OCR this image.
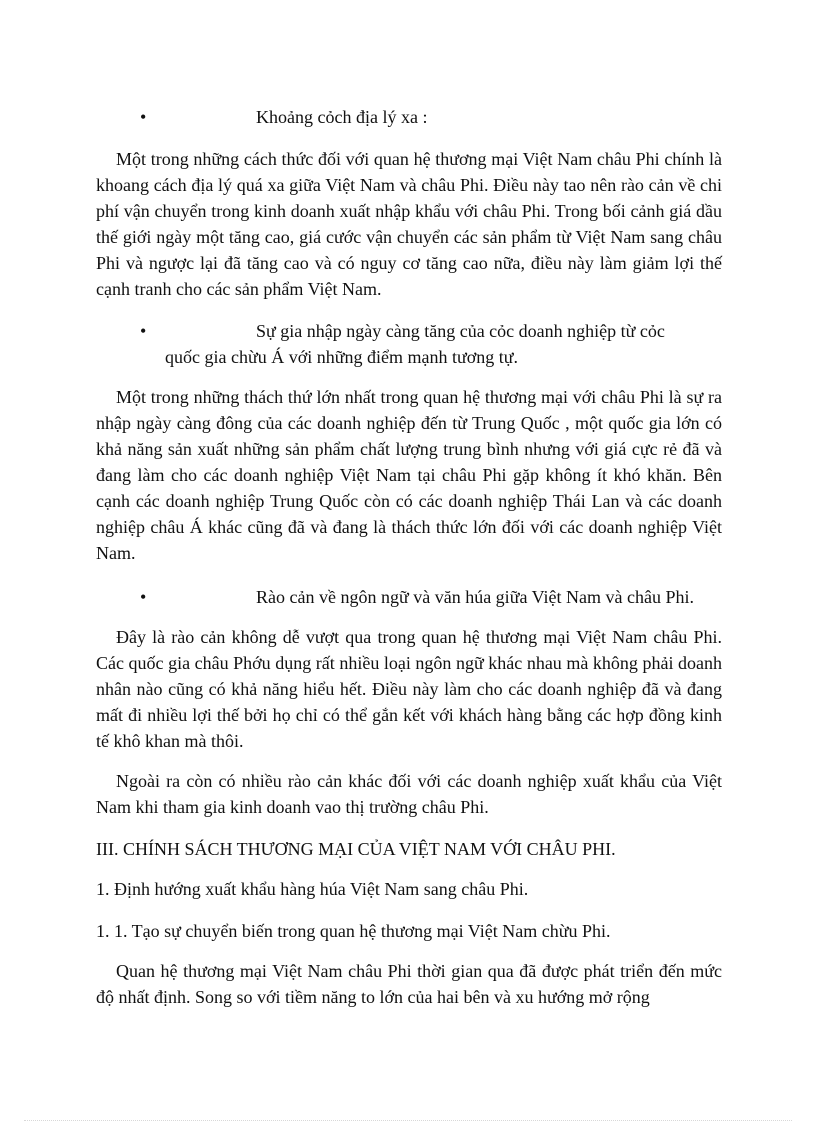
•	Khoảng cỏch địa lý xa :

Một trong những cách thức đối với quan hệ thương mại Việt Nam châu Phi chính là khoang cách địa lý quá xa giữa Việt Nam và châu Phi. Điều này tao nên rào cản về chi phí vận chuyển trong kinh doanh xuất nhập khẩu với châu Phi. Trong bối cảnh giá dầu thế giới ngày một tăng cao, giá cước vận chuyển các sản phẩm từ Việt Nam sang châu Phi và ngược lại đã tăng cao và có nguy cơ tăng cao nữa, điều này làm giảm lợi thế cạnh tranh cho các sản phẩm Việt Nam.

•	Sự gia nhập ngày càng tăng của cỏc doanh nghiệp từ cỏc
quốc gia chừu Á với những điểm mạnh tương tự.

Một trong những thách thứ lớn nhất trong quan hệ thương mại với châu Phi là sự ra nhập ngày càng đông của các doanh nghiệp đến từ Trung Quốc , một quốc gia lớn có khả năng sản xuất những sản phẩm chất lượng trung bình nhưng với giá cực rẻ đã và đang làm cho các doanh nghiệp Việt Nam tại châu Phi gặp không ít khó khăn. Bên cạnh các doanh nghiệp Trung Quốc còn có các doanh nghiệp Thái Lan và các doanh nghiệp châu Á khác cũng đã và đang là thách thức lớn đối với các doanh nghiệp Việt Nam.

•	Rào cản về ngôn ngữ và văn húa giữa Việt Nam và châu Phi.

Đây là rào cản không dễ vượt qua trong quan hệ thương mại Việt Nam châu Phi. Các quốc gia châu Phớu dụng rất nhiều loại ngôn ngữ khác nhau mà không phải doanh nhân nào cũng có khả năng hiểu hết. Điều này làm cho các doanh nghiệp đã và đang mất đi nhiều lợi thế bởi họ chỉ có thể gắn kết với khách hàng bằng các hợp đồng kinh tế khô khan mà thôi.

Ngoài ra còn có nhiều rào cản khác đối với các doanh nghiệp xuất khẩu của Việt Nam khi tham gia kinh doanh vao thị trường châu Phi.

III. CHÍNH SÁCH THƯƠNG MẠI CỦA VIỆT NAM VỚI CHÂU PHI.

1. Định hướng xuất khẩu hàng húa Việt Nam sang châu Phi.

1. 1. Tạo sự chuyển biến trong quan hệ thương mại Việt Nam chừu Phi.

Quan hệ thương mại Việt Nam châu Phi thời gian qua đã được phát triển đến mức độ nhất định. Song so với tiềm năng to lớn của hai bên và xu hướng mở rộng
